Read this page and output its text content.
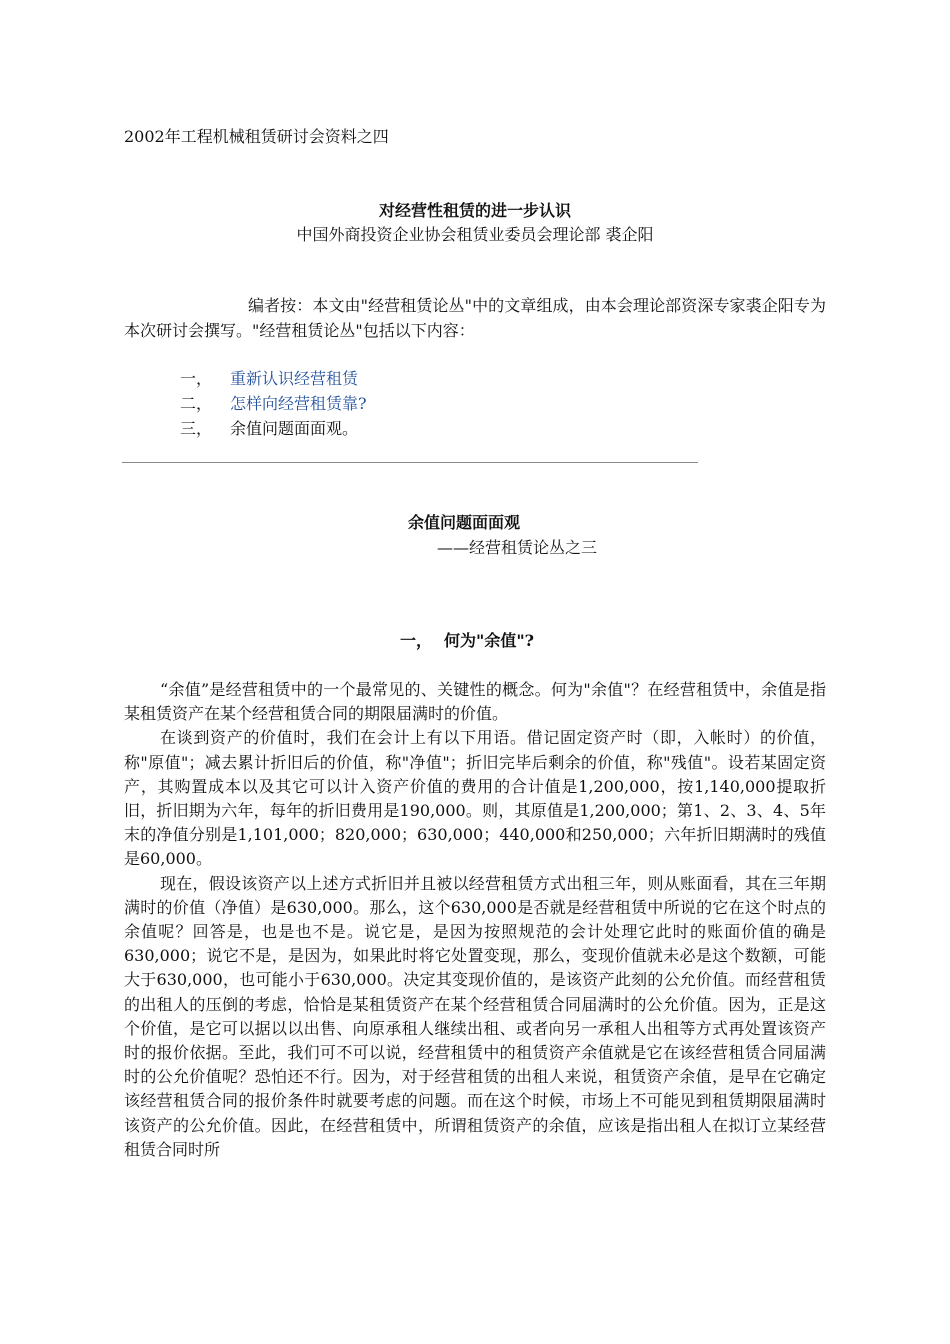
2002年工程机械租赁研讨会资料之四
对经营性租赁的进一步认识
中国外商投资企业协会租赁业委员会理论部 裘企阳
编者按：本文由"经营租赁论丛"中的文章组成，由本会理论部资深专家裘企阳专为本次研讨会撰写。"经营租赁论丛"包括以下内容：
一，	重新认识经营租赁
二，	怎样向经营租赁靠?
三，	余值问题面面观。
余值问题面面观
——经营租赁论丛之三
一， 何为"余值"?

“余值”是经营租赁中的一个最常见的、关键性的概念。何为"余值"？在经营租赁中，余值是指某租赁资产在某个经营租赁合同的期限届满时的价值。

在谈到资产的价值时，我们在会计上有以下用语。借记固定资产时（即，入帐时）的价值，称"原值"；减去累计折旧后的价值，称"净值"；折旧完毕后剩余的价值，称"残值"。设若某固定资产，其购置成本以及其它可以计入资产价值的费用的合计值是1,200,000，按1,140,000提取折旧，折旧期为六年，每年的折旧费用是190,000。则，其原值是1,200,000；第1、2、3、4、5年末的净值分别是1,101,000；820,000；630,000；440,000和250,000；六年折旧期满时的残值是60,000。

现在，假设该资产以上述方式折旧并且被以经营租赁方式出租三年，则从账面看，其在三年期满时的价值（净值）是630,000。那么，这个630,000是否就是经营租赁中所说的它在这个时点的余值呢？回答是，也是也不是。说它是，是因为按照规范的会计处理它此时的账面价值的确是630,000；说它不是，是因为，如果此时将它处置变现，那么，变现价值就未必是这个数额，可能大于630,000，也可能小于630,000。决定其变现价值的，是该资产此刻的公允价值。而经营租赁的出租人的压倒的考虑，恰恰是某租赁资产在某个经营租赁合同届满时的公允价值。因为，正是这个价值，是它可以据以以出售、向原承租人继续出租、或者向另一承租人出租等方式再处置该资产时的报价依据。至此，我们可不可以说，经营租赁中的租赁资产余值就是它在该经营租赁合同届满时的公允价值呢？恐怕还不行。因为，对于经营租赁的出租人来说，租赁资产余值，是早在它确定该经营租赁合同的报价条件时就要考虑的问题。而在这个时候，市场上不可能见到租赁期限届满时该资产的公允价值。因此，在经营租赁中，所谓租赁资产的余值，应该是指出租人在拟订立某经营租赁合同时所
